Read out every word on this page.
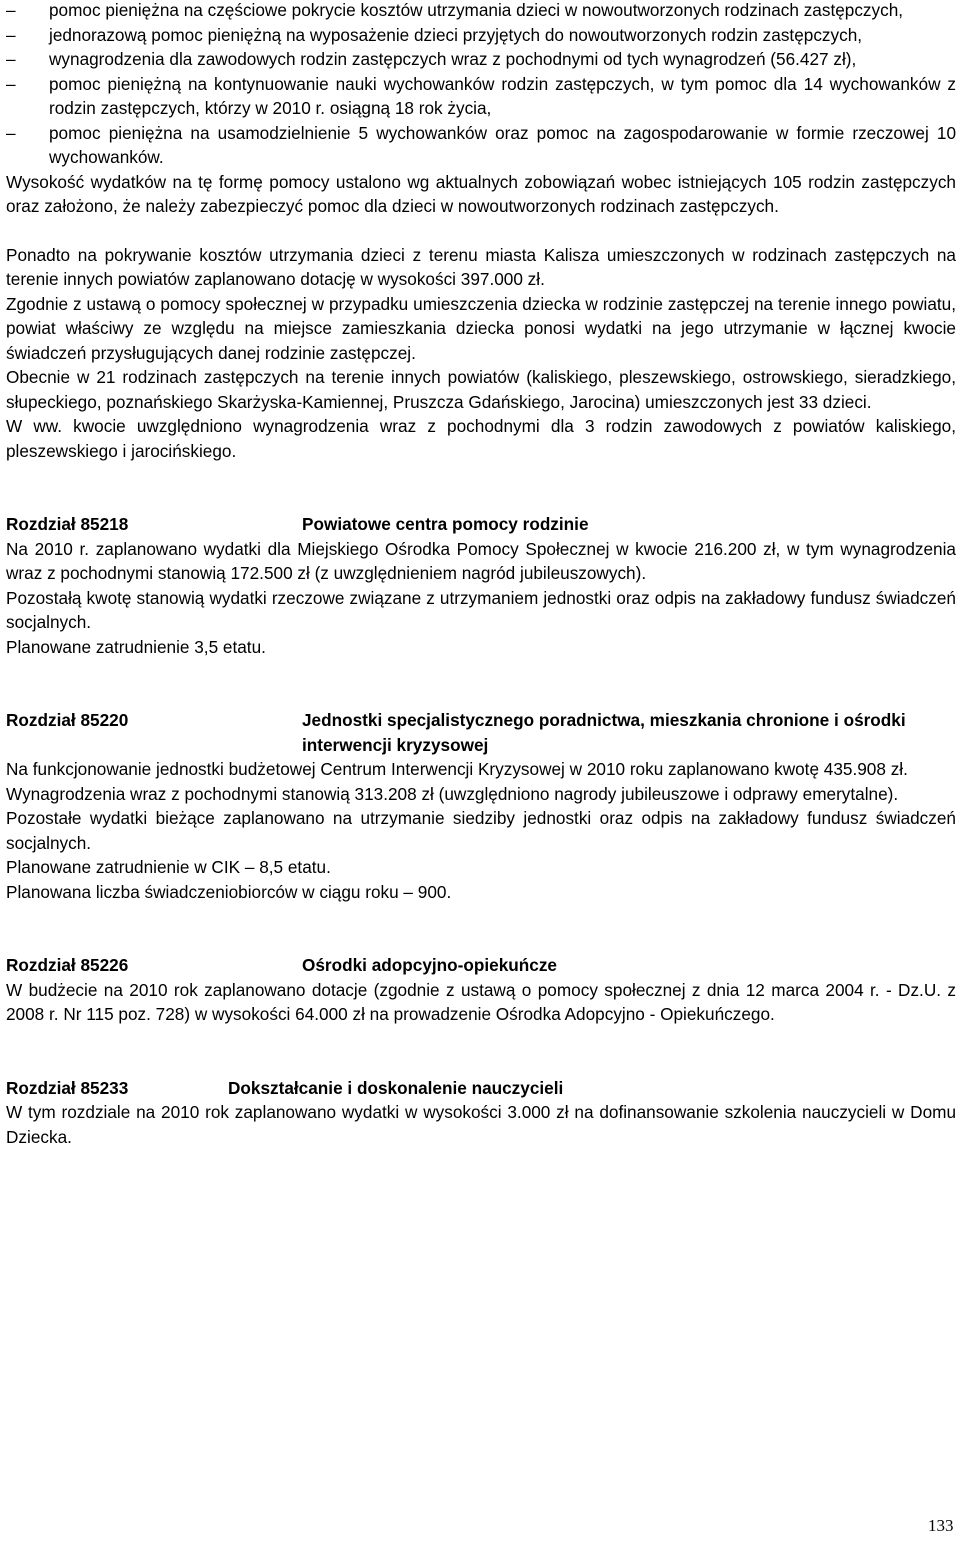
–
pomoc pieniężna na częściowe pokrycie kosztów utrzymania dzieci w nowoutworzonych rodzinach zastępczych,
–
jednorazową pomoc pieniężną na wyposażenie dzieci przyjętych do nowoutworzonych rodzin zastępczych,
–
wynagrodzenia dla zawodowych rodzin zastępczych wraz z pochodnymi od tych wynagrodzeń (56.427 zł),
–
pomoc pieniężną na kontynuowanie nauki wychowanków rodzin zastępczych, w tym pomoc dla 14 wychowanków z rodzin zastępczych, którzy w 2010 r. osiągną 18 rok życia,
–
pomoc pieniężna na usamodzielnienie 5 wychowanków oraz pomoc na zagospodarowanie w formie rzeczowej 10 wychowanków.

Wysokość wydatków na tę formę pomocy ustalono wg aktualnych zobowiązań wobec istniejących 105 rodzin zastępczych oraz założono, że należy zabezpieczyć pomoc dla dzieci w nowoutworzonych rodzinach zastępczych.

Ponadto na pokrywanie kosztów utrzymania dzieci z terenu miasta Kalisza umieszczonych w rodzinach zastępczych na terenie innych powiatów zaplanowano dotację w wysokości 397.000 zł.

Zgodnie z ustawą o pomocy społecznej w przypadku umieszczenia dziecka w rodzinie zastępczej na terenie innego powiatu, powiat właściwy ze względu na miejsce zamieszkania dziecka ponosi wydatki na jego utrzymanie w łącznej kwocie świadczeń przysługujących danej rodzinie zastępczej.

Obecnie w 21 rodzinach zastępczych na terenie innych powiatów (kaliskiego, pleszewskiego, ostrowskiego, sieradzkiego, słupeckiego, poznańskiego Skarżyska-Kamiennej, Pruszcza Gdańskiego, Jarocina) umieszczonych jest 33 dzieci.

W ww. kwocie uwzględniono wynagrodzenia wraz z pochodnymi dla 3 rodzin zawodowych z powiatów kaliskiego, pleszewskiego i jarocińskiego.

Rozdział 85218	Powiatowe centra pomocy rodzinie

Na 2010 r. zaplanowano wydatki dla Miejskiego Ośrodka Pomocy Społecznej w kwocie 216.200 zł, w tym wynagrodzenia wraz z pochodnymi stanowią 172.500 zł (z uwzględnieniem nagród jubileuszowych).

Pozostałą kwotę stanowią wydatki rzeczowe związane z utrzymaniem jednostki oraz odpis na zakładowy fundusz świadczeń socjalnych.

Planowane zatrudnienie 3,5 etatu.

Rozdział 85220	Jednostki specjalistycznego poradnictwa, mieszkania chronione i ośrodki interwencji kryzysowej

Na funkcjonowanie jednostki budżetowej Centrum Interwencji Kryzysowej w 2010 roku zaplanowano kwotę 435.908 zł.

Wynagrodzenia wraz z pochodnymi stanowią 313.208 zł (uwzględniono nagrody jubileuszowe i odprawy emerytalne).

Pozostałe wydatki bieżące zaplanowano na utrzymanie siedziby jednostki oraz odpis na zakładowy fundusz świadczeń socjalnych.

Planowane zatrudnienie w CIK – 8,5 etatu.

Planowana liczba świadczeniobiorców w ciągu roku – 900.

Rozdział 85226	Ośrodki adopcyjno-opiekuńcze

W budżecie na 2010 rok zaplanowano dotacje (zgodnie z ustawą o pomocy społecznej z dnia 12 marca 2004 r. - Dz.U. z 2008 r. Nr 115 poz. 728) w wysokości 64.000 zł na prowadzenie Ośrodka Adopcyjno - Opiekuńczego.

Rozdział 85233	Dokształcanie i doskonalenie nauczycieli

W tym rozdziale na 2010 rok zaplanowano wydatki w wysokości 3.000 zł na dofinansowanie szkolenia nauczycieli w Domu Dziecka.

133
